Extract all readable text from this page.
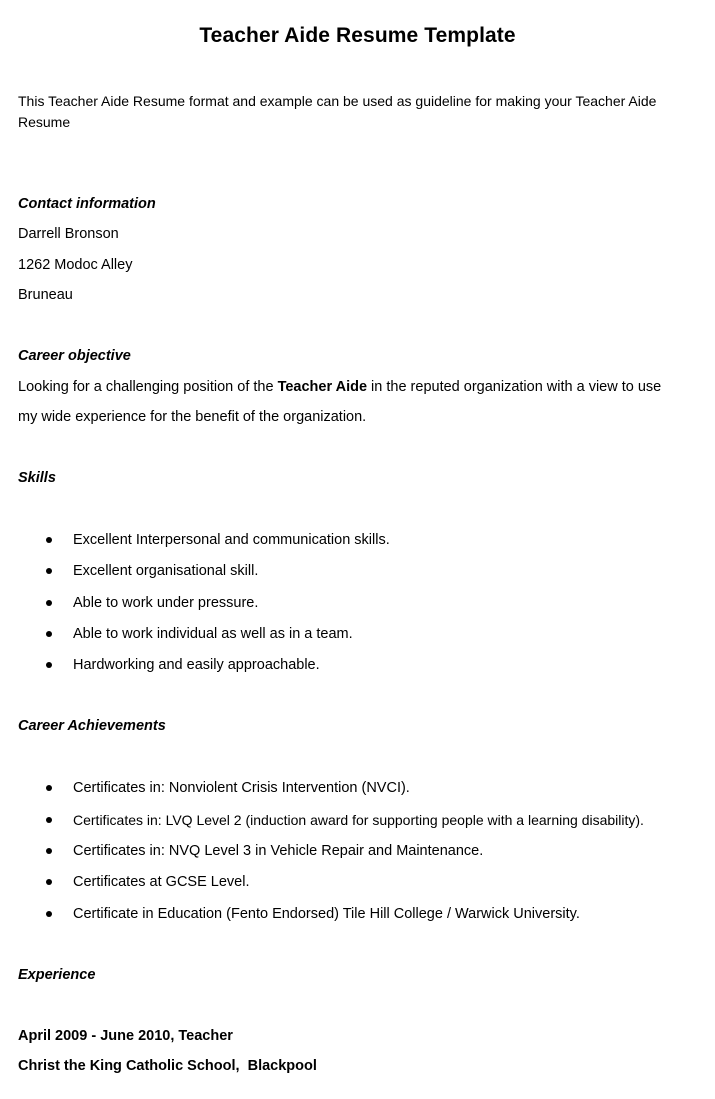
Teacher Aide Resume Template
This Teacher Aide Resume format and example can be used as guideline for making your Teacher Aide Resume
Contact information
Darrell Bronson
1262 Modoc Alley
Bruneau
Career objective
Looking for a challenging position of the Teacher Aide in the reputed organization with a view to use
my wide experience for the benefit of the organization.
Skills
Excellent Interpersonal and communication skills.
Excellent organisational skill.
Able to work under pressure.
Able to work individual as well as in a team.
Hardworking and easily approachable.
Career Achievements
Certificates in: Nonviolent Crisis Intervention (NVCI).
Certificates in: LVQ Level 2 (induction award for supporting people with a learning disability).
Certificates in: NVQ Level 3 in Vehicle Repair and Maintenance.
Certificates at GCSE Level.
Certificate in Education (Fento Endorsed) Tile Hill College / Warwick University.
Experience
April 2009 - June 2010, Teacher
Christ the King Catholic School,  Blackpool
